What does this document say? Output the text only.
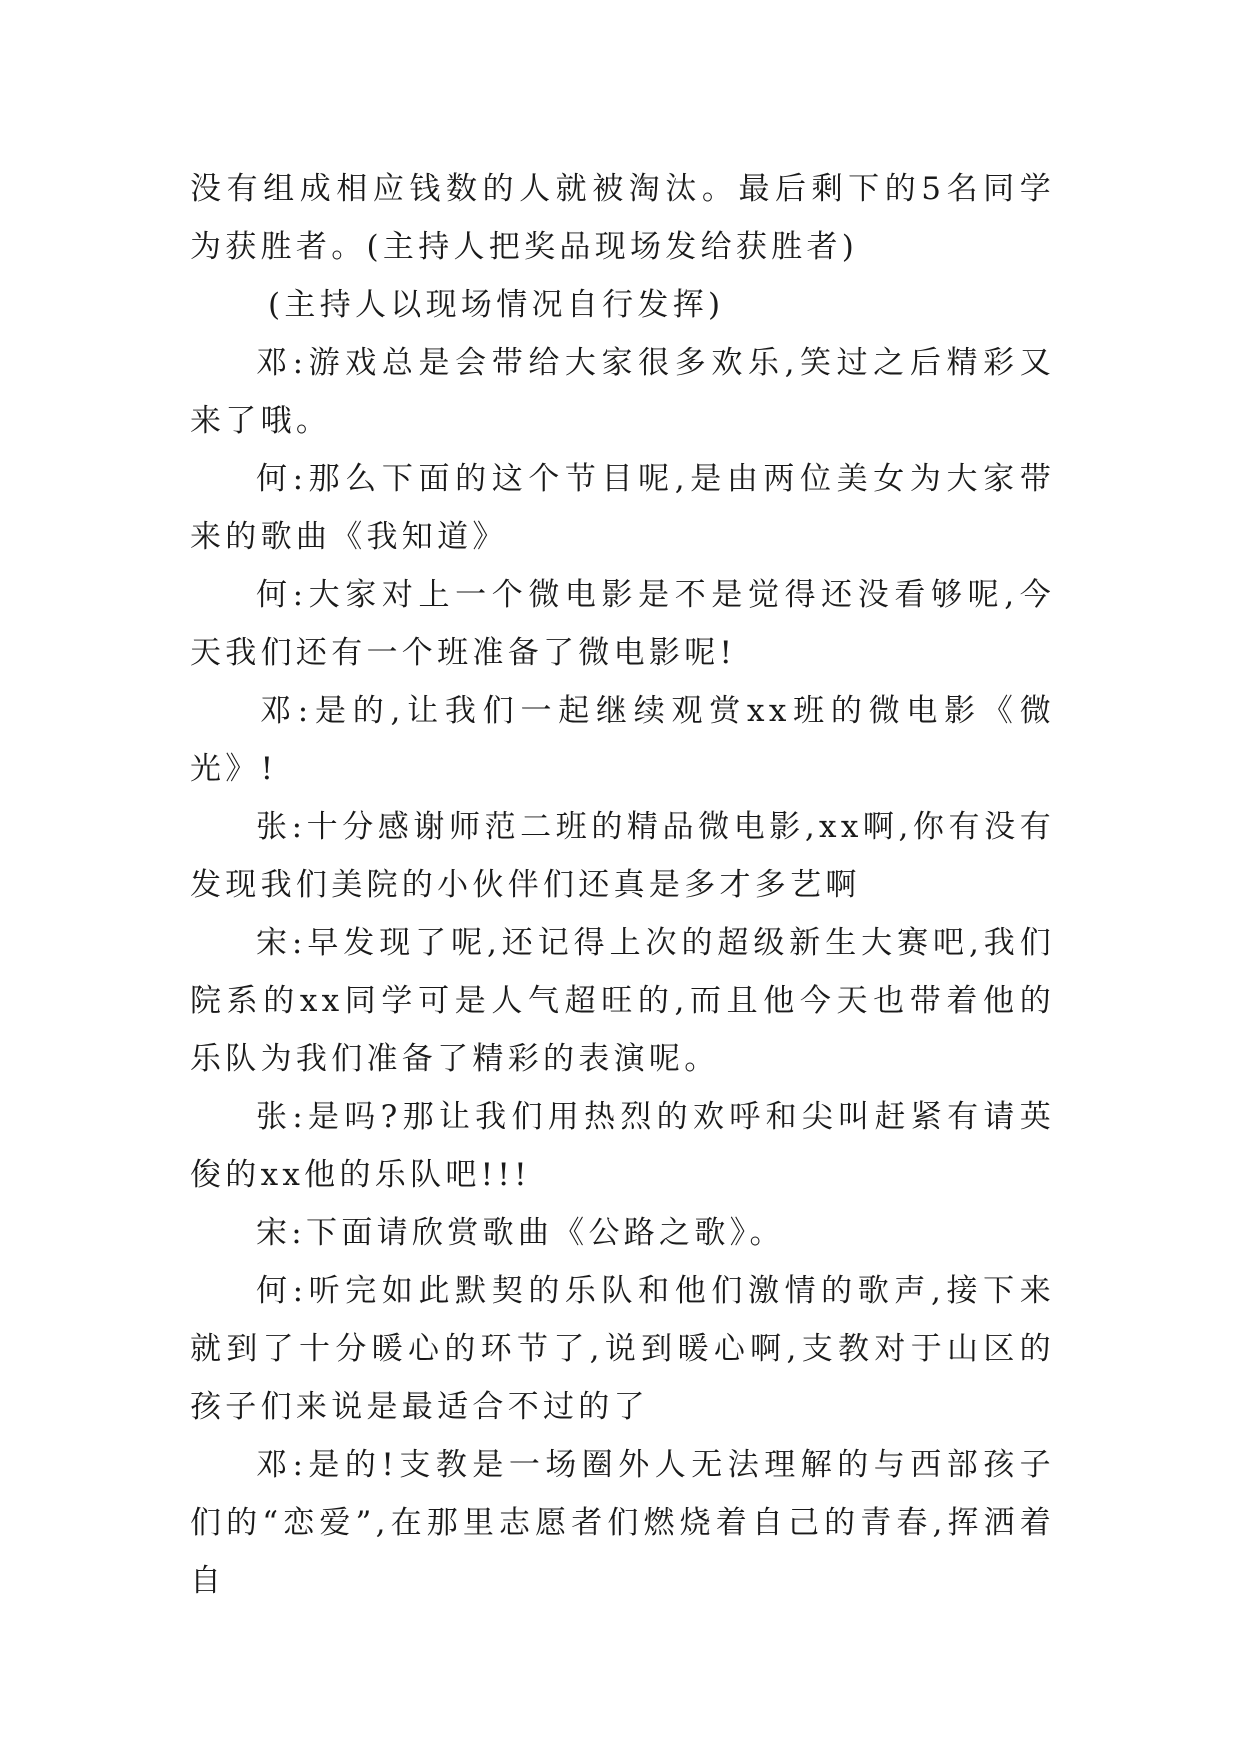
没有组成相应钱数的人就被淘汰。最后剩下的5名同学为获胜者。(主持人把奖品现场发给获胜者)

(主持人以现场情况自行发挥)

邓:游戏总是会带给大家很多欢乐,笑过之后精彩又来了哦。

何:那么下面的这个节目呢,是由两位美女为大家带来的歌曲《我知道》

何:大家对上一个微电影是不是觉得还没看够呢,今天我们还有一个班准备了微电影呢!

邓:是的,让我们一起继续观赏xx班的微电影《微光》!

张:十分感谢师范二班的精品微电影,xx啊,你有没有发现我们美院的小伙伴们还真是多才多艺啊

宋:早发现了呢,还记得上次的超级新生大赛吧,我们院系的xx同学可是人气超旺的,而且他今天也带着他的乐队为我们准备了精彩的表演呢。

张:是吗?那让我们用热烈的欢呼和尖叫赶紧有请英俊的xx他的乐队吧!!!

宋:下面请欣赏歌曲《公路之歌》。

何:听完如此默契的乐队和他们激情的歌声,接下来就到了十分暖心的环节了,说到暖心啊,支教对于山区的孩子们来说是最适合不过的了

邓:是的!支教是一场圈外人无法理解的与西部孩子们的“恋爱”,在那里志愿者们燃烧着自己的青春,挥洒着自
